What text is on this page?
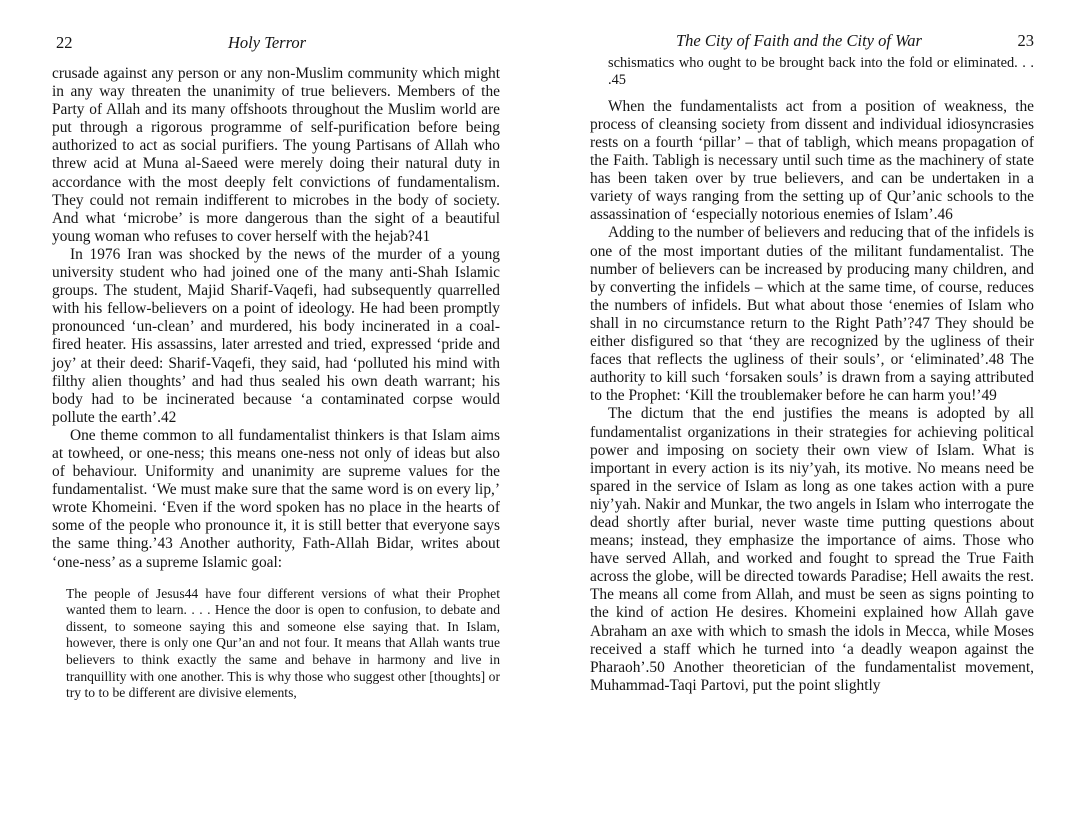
22	Holy Terror

crusade against any person or any non-Muslim community which might in any way threaten the unanimity of true believers. Members of the Party of Allah and its many offshoots throughout the Muslim world are put through a rigorous programme of self-purification before being authorized to act as social purifiers. The young Partisans of Allah who threw acid at Muna al-Saeed were merely doing their natural duty in accordance with the most deeply felt convictions of fundamentalism. They could not remain indifferent to microbes in the body of society. And what ‘microbe’ is more dangerous than the sight of a beautiful young woman who refuses to cover herself with the hejab?41

In 1976 Iran was shocked by the news of the murder of a young university student who had joined one of the many anti-Shah Islamic groups. The student, Majid Sharif-Vaqefi, had subsequently quarrelled with his fellow-believers on a point of ideology. He had been promptly pronounced ‘un-clean’ and murdered, his body incinerated in a coal-fired heater. His assassins, later arrested and tried, expressed ‘pride and joy’ at their deed: Sharif-Vaqefi, they said, had ‘polluted his mind with filthy alien thoughts’ and had thus sealed his own death warrant; his body had to be incinerated because ‘a contaminated corpse would pollute the earth’.42

One theme common to all fundamentalist thinkers is that Islam aims at towheed, or one-ness; this means one-ness not only of ideas but also of behaviour. Uniformity and unanimity are supreme values for the fundamentalist. ‘We must make sure that the same word is on every lip,’ wrote Khomeini. ‘Even if the word spoken has no place in the hearts of some of the people who pronounce it, it is still better that everyone says the same thing.’43 Another authority, Fath-Allah Bidar, writes about ‘one-ness’ as a supreme Islamic goal:

The people of Jesus44 have four different versions of what their Prophet wanted them to learn. . . . Hence the door is open to confusion, to debate and dissent, to someone saying this and someone else saying that. In Islam, however, there is only one Qur’an and not four. It means that Allah wants true believers to think exactly the same and behave in harmony and live in tranquillity with one another. This is why those who suggest other [thoughts] or try to to be different are divisive elements,

The City of Faith and the City of War	23
schismatics who ought to be brought back into the fold or eliminated. . . .45

When the fundamentalists act from a position of weakness, the process of cleansing society from dissent and individual idiosyncrasies rests on a fourth ‘pillar’ – that of tabligh, which means propagation of the Faith. Tabligh is necessary until such time as the machinery of state has been taken over by true believers, and can be undertaken in a variety of ways ranging from the setting up of Qur’anic schools to the assassination of ‘especially notorious enemies of Islam’.46

Adding to the number of believers and reducing that of the infidels is one of the most important duties of the militant fundamentalist. The number of believers can be increased by producing many children, and by converting the infidels – which at the same time, of course, reduces the numbers of infidels. But what about those ‘enemies of Islam who shall in no circumstance return to the Right Path’?47 They should be either disfigured so that ‘they are recognized by the ugliness of their faces that reflects the ugliness of their souls’, or ‘eliminated’.48 The authority to kill such ‘forsaken souls’ is drawn from a saying attributed to the Prophet: ‘Kill the troublemaker before he can harm you!’49

The dictum that the end justifies the means is adopted by all fundamentalist organizations in their strategies for achieving political power and imposing on society their own view of Islam. What is important in every action is its niy’yah, its motive. No means need be spared in the service of Islam as long as one takes action with a pure niy’yah. Nakir and Munkar, the two angels in Islam who interrogate the dead shortly after burial, never waste time putting questions about means; instead, they emphasize the importance of aims. Those who have served Allah, and worked and fought to spread the True Faith across the globe, will be directed towards Paradise; Hell awaits the rest. The means all come from Allah, and must be seen as signs pointing to the kind of action He desires. Khomeini explained how Allah gave Abraham an axe with which to smash the idols in Mecca, while Moses received a staff which he turned into ‘a deadly weapon against the Pharaoh’.50 Another theoretician of the fundamentalist movement, Muhammad-Taqi Partovi, put the point slightly
